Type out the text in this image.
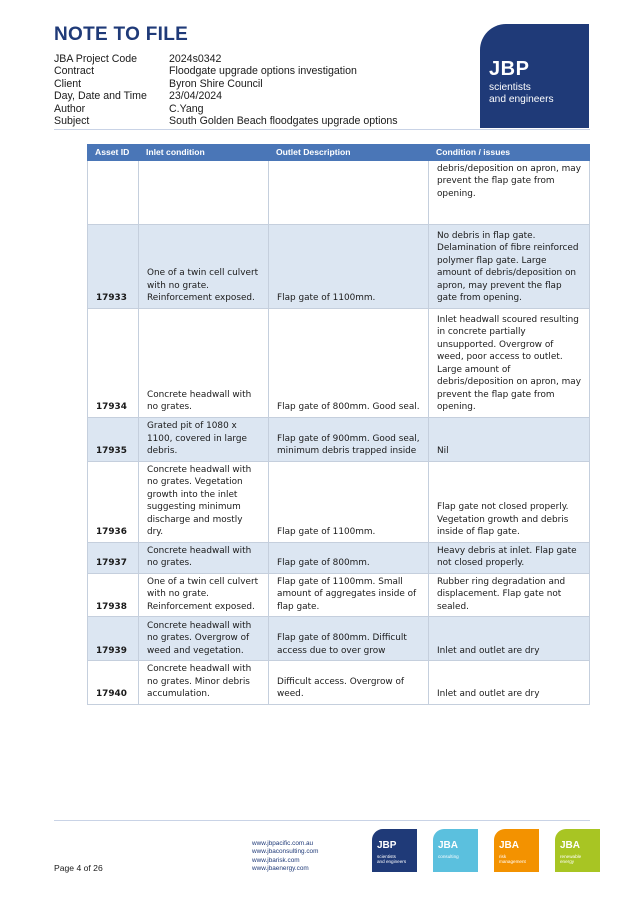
NOTE TO FILE
JBA Project Code	2024s0342
Contract	Floodgate upgrade options investigation
Client	Byron Shire Council
Day, Date and Time	23/04/2024
Author	C.Yang
Subject	South Golden Beach floodgates upgrade options
JBP
scientists
and engineers
Asset ID	Inlet condition	Outlet Description	Condition / issues
			debris/deposition on apron, may prevent the flap gate from opening.
17933	One of a twin cell culvert with no grate. Reinforcement exposed.	Flap gate of 1100mm.	No debris in flap gate. Delamination of fibre reinforced polymer flap gate. Large amount of debris/deposition on apron, may prevent the flap gate from opening.
17934	Concrete headwall with no grates.	Flap gate of 800mm. Good seal.	Inlet headwall scoured resulting in concrete partially unsupported. Overgrow of weed, poor access to outlet. Large amount of debris/deposition on apron, may prevent the flap gate from opening.
17935	Grated pit of 1080 x 1100, covered in large debris.	Flap gate of 900mm. Good seal, minimum debris trapped inside	Nil
17936	Concrete headwall with no grates. Vegetation growth into the inlet suggesting minimum discharge and mostly dry.	Flap gate of 1100mm.	Flap gate not closed properly. Vegetation growth and debris inside of flap gate.
17937	Concrete headwall with no grates.	Flap gate of 800mm.	Heavy debris at inlet. Flap gate not closed properly.
17938	One of a twin cell culvert with no grate. Reinforcement exposed.	Flap gate of 1100mm. Small amount of aggregates inside of flap gate.	Rubber ring degradation and displacement. Flap gate not sealed.
17939	Concrete headwall with no grates. Overgrow of weed and vegetation.	Flap gate of 800mm. Difficult access due to over grow	Inlet and outlet are dry
17940	Concrete headwall with no grates. Minor debris accumulation.	Difficult access. Overgrow of weed.	Inlet and outlet are dry
Page 4 of 26
www.jbpacific.com.au
www.jbaconsulting.com
www.jbarisk.com
www.jbaenergy.com
JBP
scientists
and engineers
JBA
consulting
JBA
risk
management
JBA
renewable
energy
